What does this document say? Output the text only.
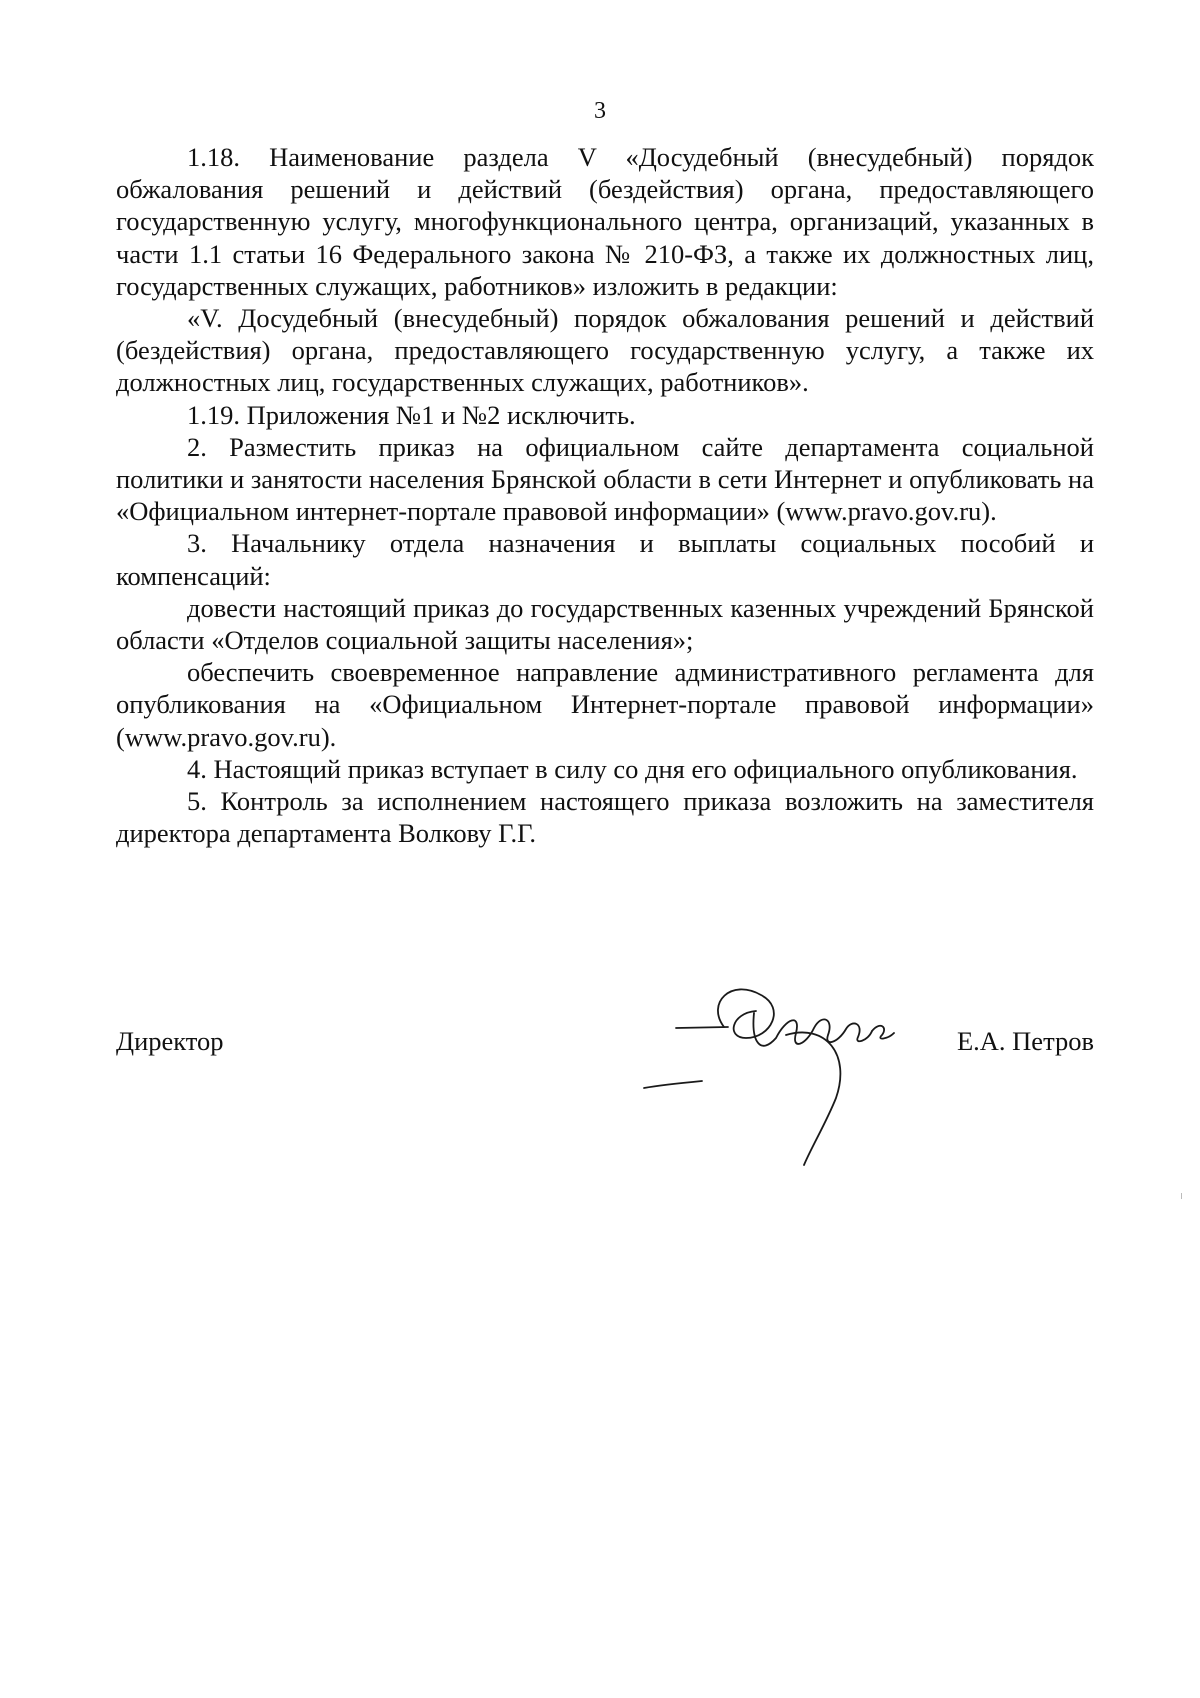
3

1.18. Наименование раздела V «Досудебный (внесудебный) порядок обжалования решений и действий (бездействия) органа, предоставляющего государственную услугу, многофункционального центра, организаций, указанных в части 1.1 статьи 16 Федерального закона № 210-ФЗ, а также их должностных лиц, государственных служащих, работников» изложить в редакции:

«V. Досудебный (внесудебный) порядок обжалования решений и действий (бездействия) органа, предоставляющего государственную услугу, а также их должностных лиц, государственных служащих, работников».

1.19. Приложения №1 и №2 исключить.

2. Разместить приказ на официальном сайте департамента социальной политики и занятости населения Брянской области в сети Интернет и опубликовать на «Официальном интернет-портале правовой информации» (www.pravo.gov.ru).

3. Начальнику отдела назначения и выплаты социальных пособий и компенсаций:

довести настоящий приказ до государственных казенных учреждений Брянской области «Отделов социальной защиты населения»;

обеспечить своевременное направление административного регламента для опубликования на «Официальном Интернет-портале правовой информации» (www.pravo.gov.ru).

4. Настоящий приказ вступает в силу со дня его официального опубликования.

5. Контроль за исполнением настоящего приказа возложить на заместителя директора департамента Волкову Г.Г.

Директор	Е.А. Петров
